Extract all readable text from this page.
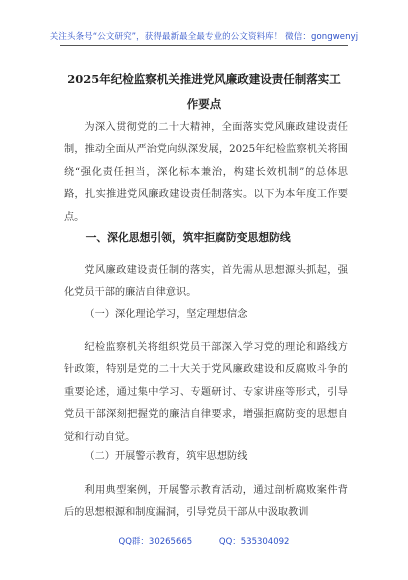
关注头条号“公文研究”，获得最新最全最专业的公文资料库！ 微信：gongwenyj
2025年纪检监察机关推进党风廉政建设责任制落实工作要点

为深入贯彻党的二十大精神，全面落实党风廉政建设责任制，推动全面从严治党向纵深发展，2025年纪检监察机关将围绕“强化责任担当，深化标本兼治，构建长效机制”的总体思路，扎实推进党风廉政建设责任制落实。以下为本年度工作要点。

一、深化思想引领，筑牢拒腐防变思想防线

党风廉政建设责任制的落实，首先需从思想源头抓起，强化党员干部的廉洁自律意识。

（一）深化理论学习，坚定理想信念

纪检监察机关将组织党员干部深入学习党的理论和路线方针政策，特别是党的二十大关于党风廉政建设和反腐败斗争的重要论述，通过集中学习、专题研讨、专家讲座等形式，引导党员干部深刻把握党的廉洁自律要求，增强拒腐防变的思想自觉和行动自觉。

（二）开展警示教育，筑牢思想防线

利用典型案例，开展警示教育活动，通过剖析腐败案件背后的思想根源和制度漏洞，引导党员干部从中汲取教训

QQ群：30265665	QQ：535304092
